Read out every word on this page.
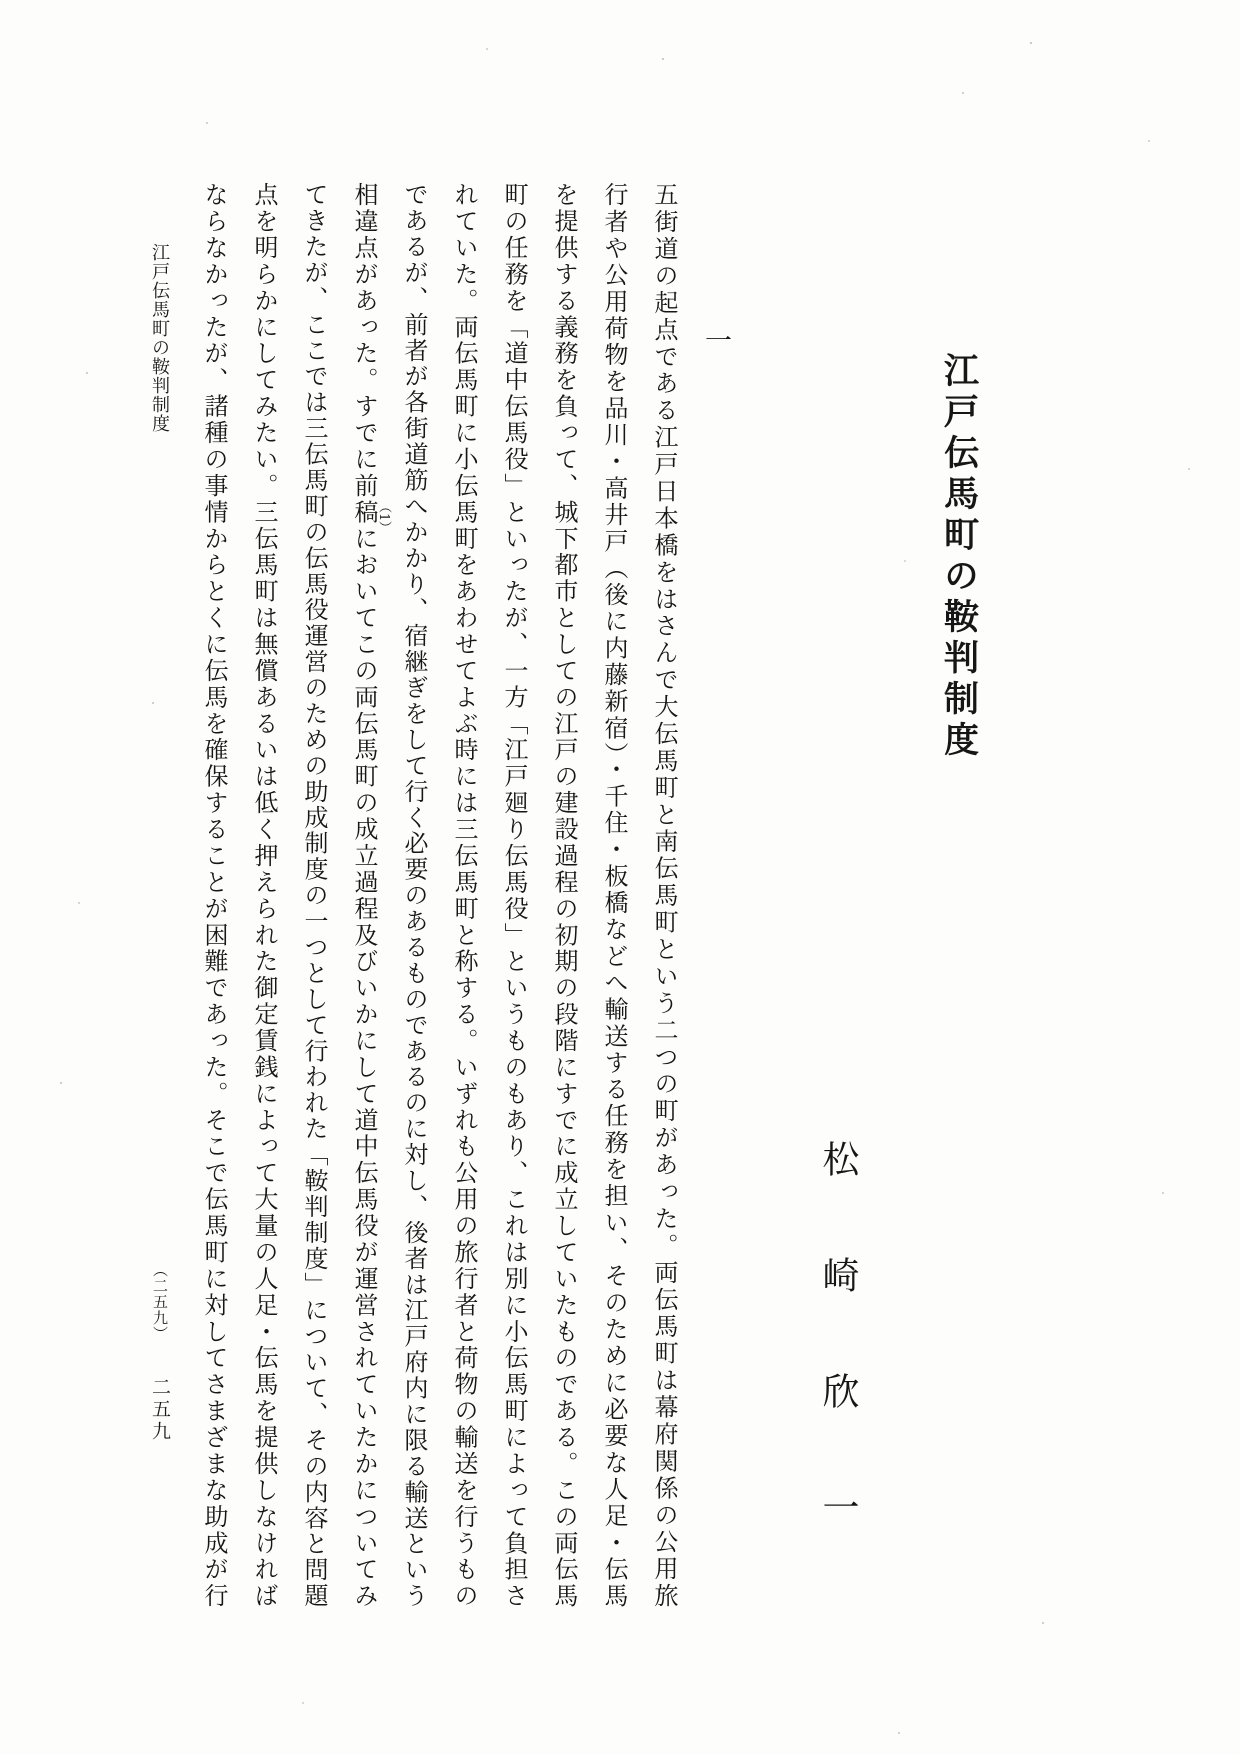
江戸伝馬町の鞍判制度
松崎欣一
一

五街道の起点である江戸日本橋をはさんで大伝馬町と南伝馬町という二つの町があった。両伝馬町は幕府関係の公用旅

行者や公用荷物を品川・高井戸（後に内藤新宿）・千住・板橋などへ輸送する任務を担い、そのために必要な人足・伝馬

を提供する義務を負って、城下都市としての江戸の建設過程の初期の段階にすでに成立していたものである。この両伝馬

町の任務を「道中伝馬役」といったが、一方「江戸廻り伝馬役」というものもあり、これは別に小伝馬町によって負担さ

れていた。両伝馬町に小伝馬町をあわせてよぶ時には三伝馬町と称する。いずれも公用の旅行者と荷物の輸送を行うもの

であるが、前者が各街道筋へかかり、宿継ぎをして行く必要のあるものであるのに対し、後者は江戸府内に限る輸送という

相違点があった。すでに前稿においてこの両伝馬町の成立過程及びいかにして道中伝馬役が運営されていたかについてみ

てきたが、ここでは三伝馬町の伝馬役運営のための助成制度の一つとして行われた「鞍判制度」について、その内容と問題

点を明らかにしてみたい。三伝馬町は無償あるいは低く押えられた御定賃銭によって大量の人足・伝馬を提供しなければ

ならなかったが、諸種の事情からとくに伝馬を確保することが困難であった。そこで伝馬町に対してさまざまな助成が行	（1）
江戸伝馬町の鞍判制度
（二五九） 二五九
